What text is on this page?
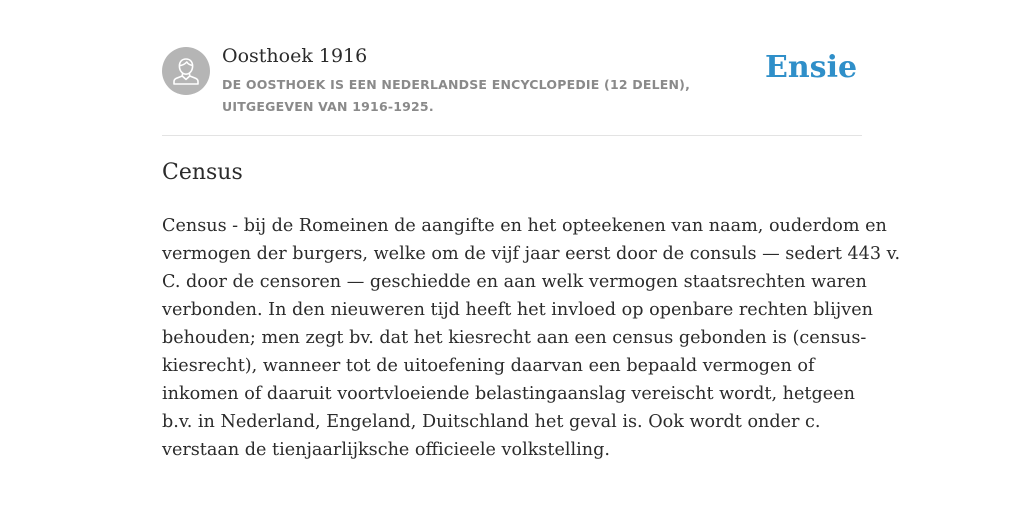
Oosthoek 1916
DE OOSTHOEK IS EEN NEDERLANDSE ENCYCLOPEDIE (12 DELEN), UITGEGEVEN VAN 1916-1925.
Ensie
Census

Census - bij de Romeinen de aangifte en het opteekenen van naam, ouderdom en
vermogen der burgers, welke om de vijf jaar eerst door de consuls — sedert 443 v.
C. door de censoren — geschiedde en aan welk vermogen staatsrechten waren
verbonden. In den nieuweren tijd heeft het invloed op openbare rechten blijven
behouden; men zegt bv. dat het kiesrecht aan een census gebonden is (census-
kiesrecht), wanneer tot de uitoefening daarvan een bepaald vermogen of
inkomen of daaruit voortvloeiende belastingaanslag vereischt wordt, hetgeen
b.v. in Nederland, Engeland, Duitschland het geval is. Ook wordt onder c.
verstaan de tienjaarlijksche officieele volkstelling.
